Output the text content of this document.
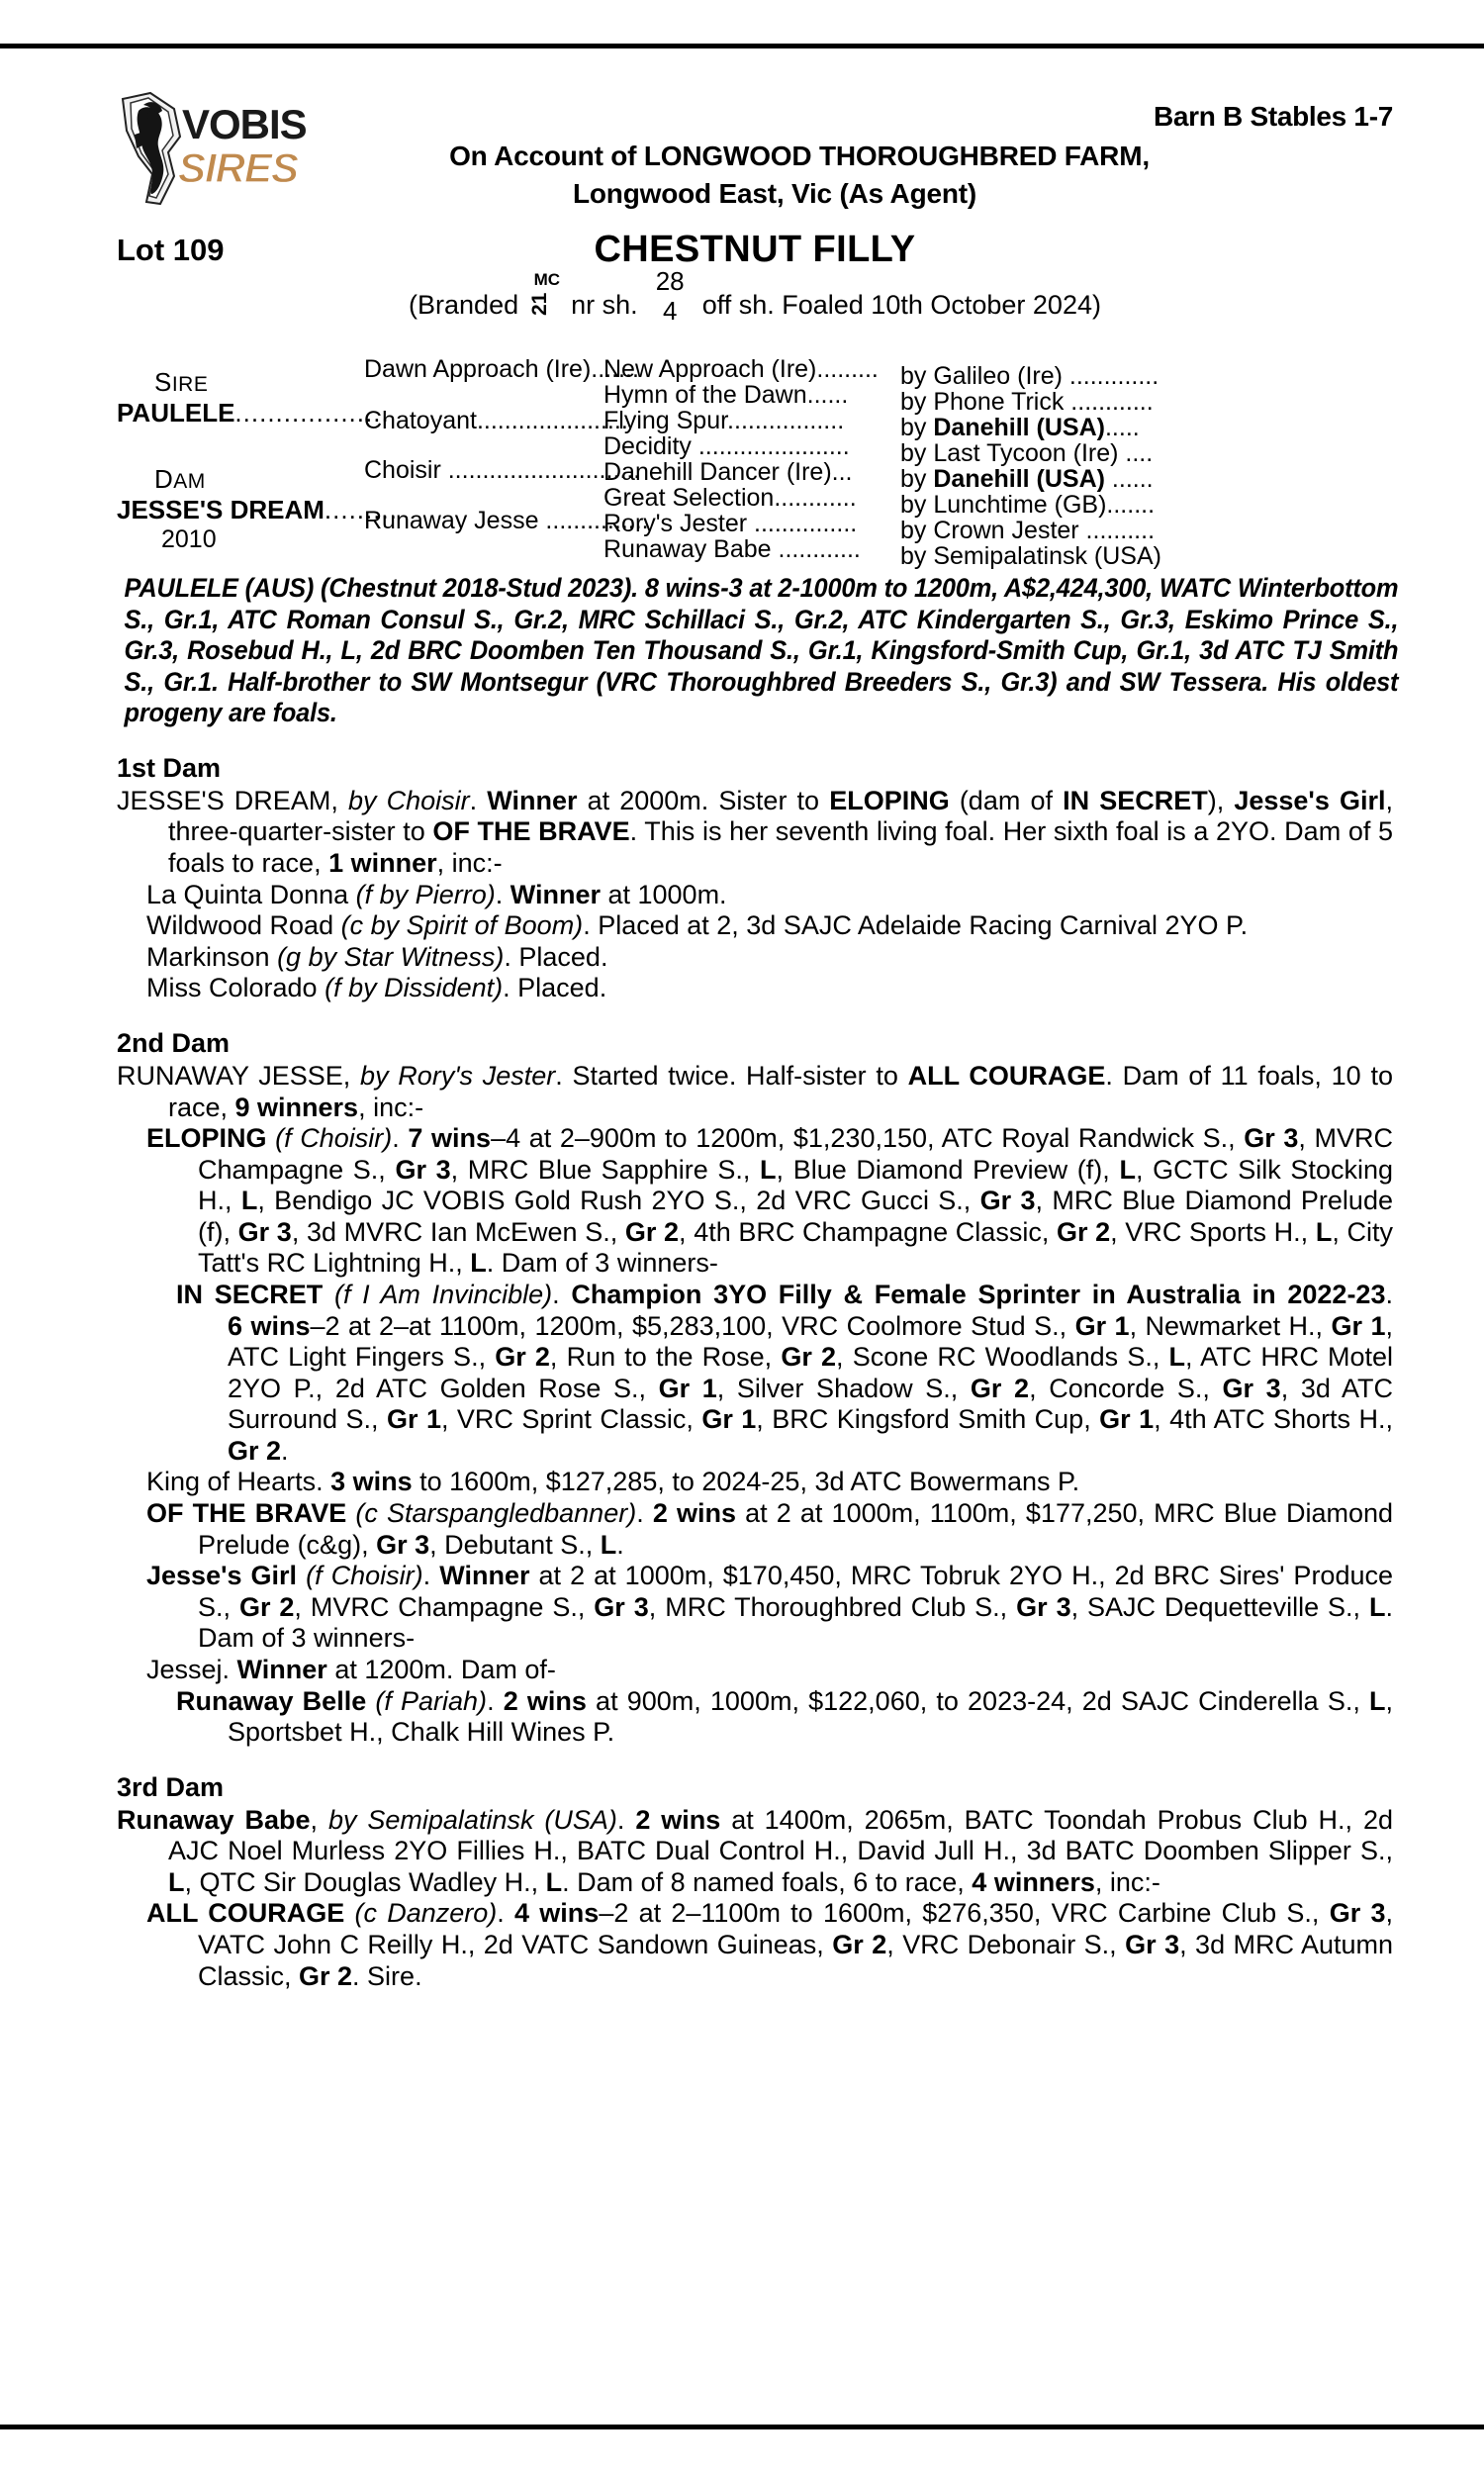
VOBIS
SIRES
Barn B Stables 1-7
On Account of LONGWOOD THOROUGHBRED FARM,
Longwood East, Vic (As Agent)
Lot 109	CHESTNUT FILLY
(Branded
MC
21 nr sh.
28
4 off sh. Foaled 10th October 2024)
SIRE
PAULELE...................
DAM
JESSE'S DREAM.........
2010
Dawn Approach (Ire).......
Chatoyant......................
Choisir ............................
Runaway Jesse ...............
New Approach (Ire)......... by Galileo (Ire) .............
Hymn of the Dawn...... by Phone Trick ............
Flying Spur................. by Danehill (USA).....
Decidity ...................... by Last Tycoon (Ire) ....
Danehill Dancer (Ire)... by Danehill (USA) ......
Great Selection............ by Lunchtime (GB).......
Rory's Jester ............... by Crown Jester ..........
Runaway Babe ............ by Semipalatinsk (USA)
PAULELE (AUS) (Chestnut 2018-Stud 2023). 8 wins-3 at 2-1000m to 1200m, A$2,424,300, WATC Winterbottom S., Gr.1, ATC Roman Consul S., Gr.2, MRC Schillaci S., Gr.2, ATC Kindergarten S., Gr.3, Eskimo Prince S., Gr.3, Rosebud H., L, 2d BRC Doomben Ten Thousand S., Gr.1, Kingsford-Smith Cup, Gr.1, 3d ATC TJ Smith S., Gr.1. Half-brother to SW Montsegur (VRC Thoroughbred Breeders S., Gr.3) and SW Tessera. His oldest progeny are foals.
1st Dam

JESSE'S DREAM, by Choisir. Winner at 2000m. Sister to ELOPING (dam of IN SECRET), Jesse's Girl, three-quarter-sister to OF THE BRAVE. This is her seventh living foal. Her sixth foal is a 2YO. Dam of 5 foals to race, 1 winner, inc:-

La Quinta Donna (f by Pierro). Winner at 1000m.

Wildwood Road (c by Spirit of Boom). Placed at 2, 3d SAJC Adelaide Racing Carnival 2YO P.

Markinson (g by Star Witness). Placed.

Miss Colorado (f by Dissident). Placed.

2nd Dam

RUNAWAY JESSE, by Rory's Jester. Started twice. Half-sister to ALL COURAGE. Dam of 11 foals, 10 to race, 9 winners, inc:-

ELOPING (f Choisir). 7 wins–4 at 2–900m to 1200m, $1,230,150, ATC Royal Randwick S., Gr 3, MVRC Champagne S., Gr 3, MRC Blue Sapphire S., L, Blue Diamond Preview (f), L, GCTC Silk Stocking H., L, Bendigo JC VOBIS Gold Rush 2YO S., 2d VRC Gucci S., Gr 3, MRC Blue Diamond Prelude (f), Gr 3, 3d MVRC Ian McEwen S., Gr 2, 4th BRC Champagne Classic, Gr 2, VRC Sports H., L, City Tatt's RC Lightning H., L. Dam of 3 winners-

IN SECRET (f I Am Invincible). Champion 3YO Filly & Female Sprinter in Australia in 2022-23. 6 wins–2 at 2–at 1100m, 1200m, $5,283,100, VRC Coolmore Stud S., Gr 1, Newmarket H., Gr 1, ATC Light Fingers S., Gr 2, Run to the Rose, Gr 2, Scone RC Woodlands S., L, ATC HRC Motel 2YO P., 2d ATC Golden Rose S., Gr 1, Silver Shadow S., Gr 2, Concorde S., Gr 3, 3d ATC Surround S., Gr 1, VRC Sprint Classic, Gr 1, BRC Kingsford Smith Cup, Gr 1, 4th ATC Shorts H., Gr 2.

King of Hearts. 3 wins to 1600m, $127,285, to 2024-25, 3d ATC Bowermans P.

OF THE BRAVE (c Starspangledbanner). 2 wins at 2 at 1000m, 1100m, $177,250, MRC Blue Diamond Prelude (c&g), Gr 3, Debutant S., L.

Jesse's Girl (f Choisir). Winner at 2 at 1000m, $170,450, MRC Tobruk 2YO H., 2d BRC Sires' Produce S., Gr 2, MVRC Champagne S., Gr 3, MRC Thoroughbred Club S., Gr 3, SAJC Dequetteville S., L. Dam of 3 winners-

Jessej. Winner at 1200m. Dam of-

Runaway Belle (f Pariah). 2 wins at 900m, 1000m, $122,060, to 2023-24, 2d SAJC Cinderella S., L, Sportsbet H., Chalk Hill Wines P.

3rd Dam

Runaway Babe, by Semipalatinsk (USA). 2 wins at 1400m, 2065m, BATC Toondah Probus Club H., 2d AJC Noel Murless 2YO Fillies H., BATC Dual Control H., David Jull H., 3d BATC Doomben Slipper S., L, QTC Sir Douglas Wadley H., L. Dam of 8 named foals, 6 to race, 4 winners, inc:-

ALL COURAGE (c Danzero). 4 wins–2 at 2–1100m to 1600m, $276,350, VRC Carbine Club S., Gr 3, VATC John C Reilly H., 2d VATC Sandown Guineas, Gr 2, VRC Debonair S., Gr 3, 3d MRC Autumn Classic, Gr 2. Sire.
